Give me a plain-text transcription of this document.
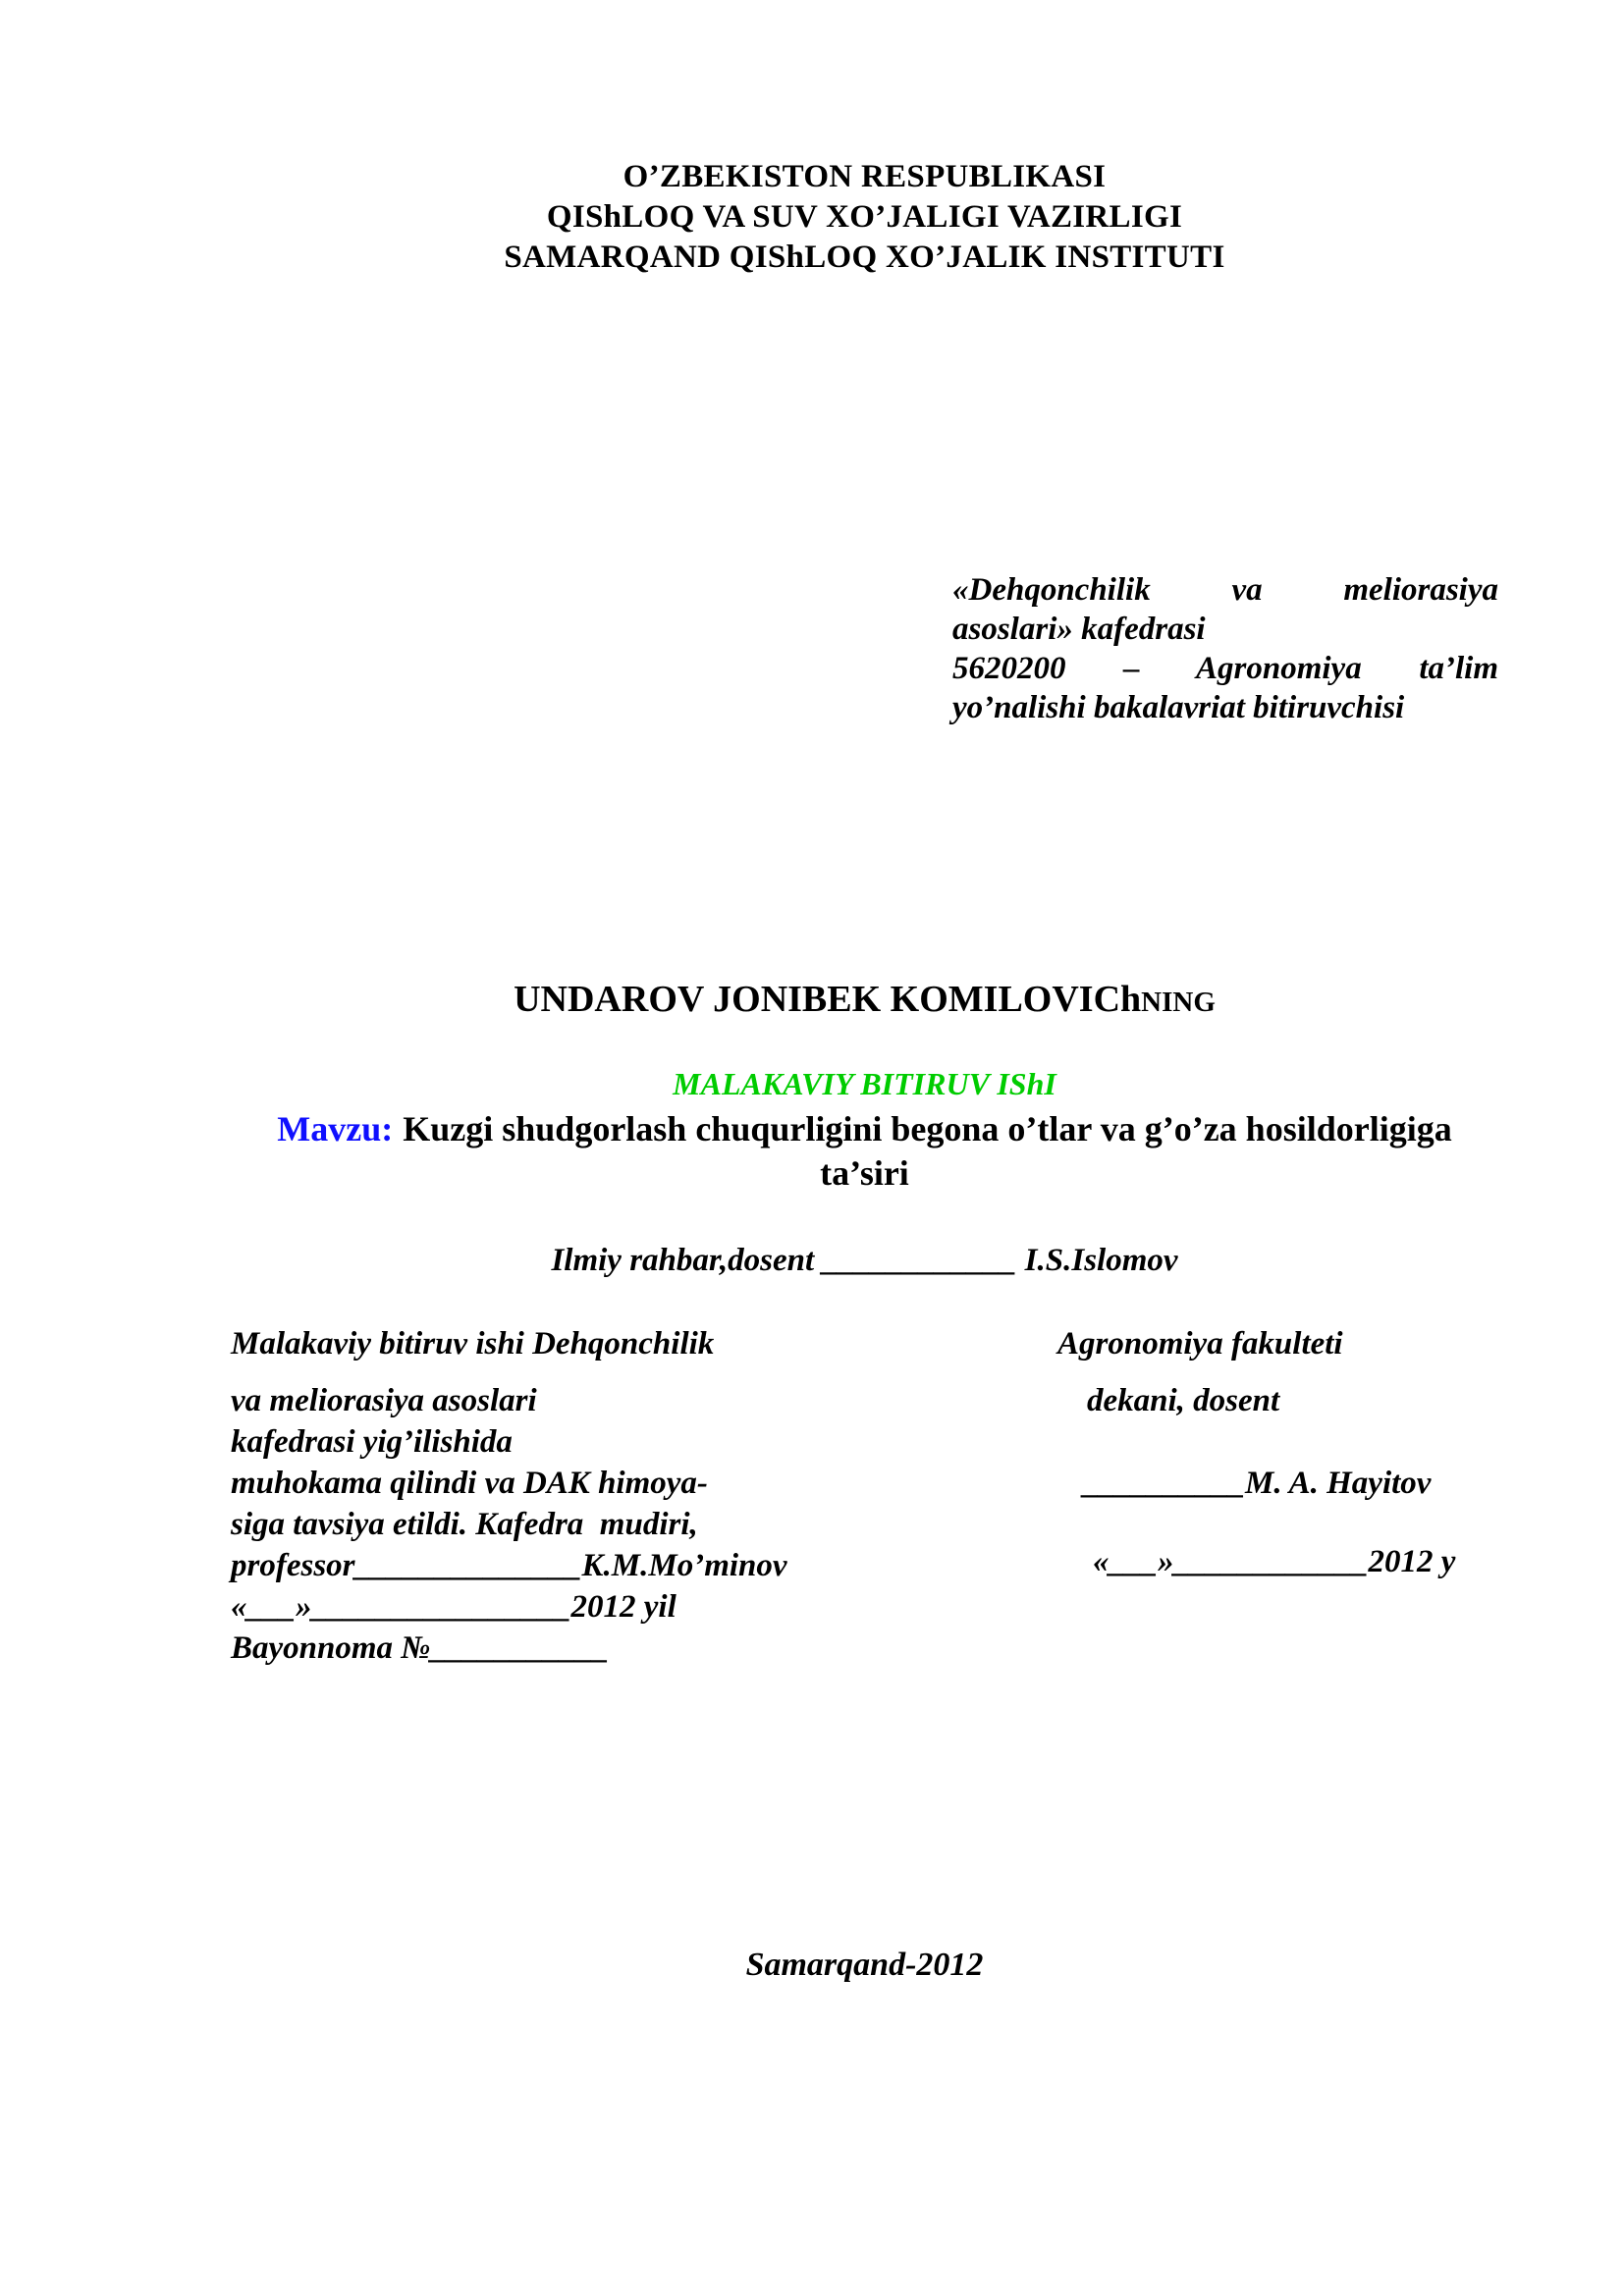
O’ZBEKISTON RESPUBLIKASI
QIShLOQ VA SUV XO’JALIGI VAZIRLIGI
SAMARQAND QIShLOQ XO’JALIK INSTITUTI
«Dehqonchilik va meliorasiya
asoslari» kafedrasi
5620200 – Agronomiya ta’lim
yo’nalishi bakalavriat bitiruvchisi
UNDAROV JONIBEK KOMILOVIChNING
MALAKAVIY BITIRUV IShI
Mavzu: Kuzgi shudgorlash chuqurligini begona o’tlar va g’o’za hosildorligiga
ta’siri
Ilmiy rahbar,dosent ____________ I.S.Islomov
Malakaviy bitiruv ishi Dehqonchilik
va meliorasiya asoslari
kafedrasi yig’ilishida
muhokama qilindi va DAK himoya-
siga tavsiya etildi. Kafedra  mudiri,
professor______________K.M.Mo’minov
«___»________________2012 yil
Bayonnoma №___________
Agronomiya fakulteti
dekani, dosent
__________M. A. Hayitov
«___»____________2012 y
Samarqand-2012
